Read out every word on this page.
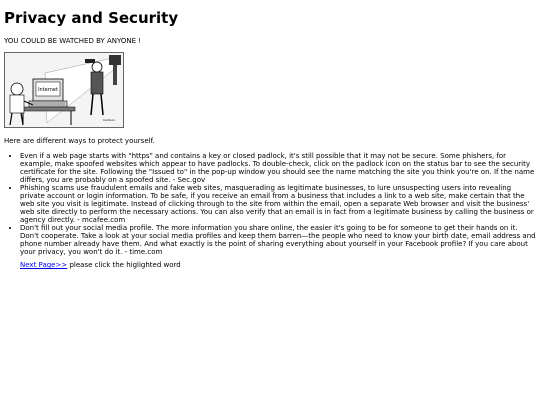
Privacy and Security
YOU COULD BE WATCHED BY ANYONE !
Internet
Cartoon
Here are different ways to protect yourself.
• Even if a web page starts with "https" and contains a key or closed padlock, it's still possible that it may not be secure. Some phishers, for example, make spoofed websites which appear to have padlocks. To double-check, click on the padlock icon on the status bar to see the security certificate for the site. Following the "Issued to" in the pop-up window you should see the name matching the site you think you're on. If the name differs, you are probably on a spoofed site. - Sec.gov
• Phishing scams use fraudulent emails and fake web sites, masquerading as legitimate businesses, to lure unsuspecting users into revealing private account or login information. To be safe, if you receive an email from a business that includes a link to a web site, make certain that the web site you visit is legitimate. Instead of clicking through to the site from within the email, open a separate Web browser and visit the business' web site directly to perform the necessary actions. You can also verify that an email is in fact from a legitimate business by calling the business or agency directly. - mcafee.com
• Don't fill out your social media profile. The more information you share online, the easier it's going to be for someone to get their hands on it. Don't cooperate. Take a look at your social media profiles and keep them barren—the people who need to know your birth date, email address and phone number already have them. And what exactly is the point of sharing everything about yourself in your Facebook profile? If you care about your privacy, you won't do it. - time.com
Next Page>> please click the higlighted word
